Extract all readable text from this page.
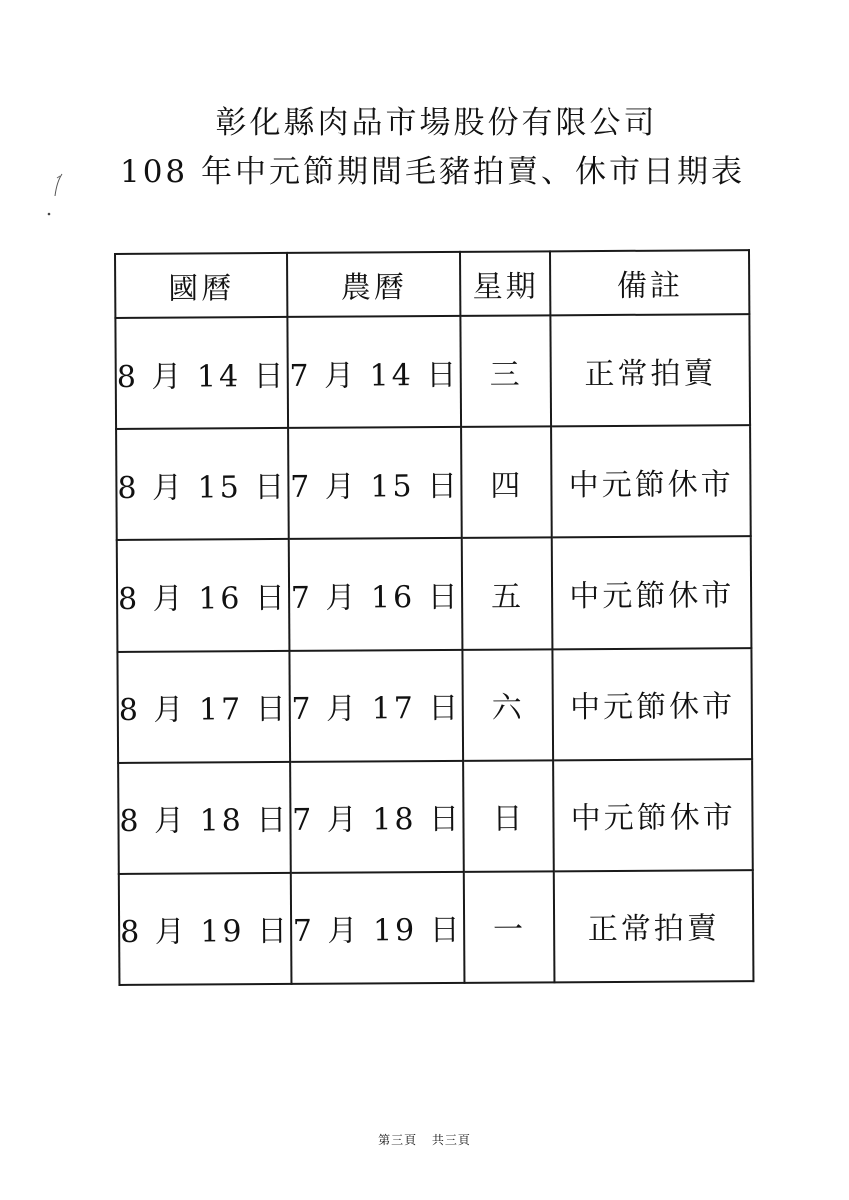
彰化縣肉品市場股份有限公司
108 年中元節期間毛豬拍賣、休市日期表
國曆	農曆	星期	備註
8 月 14 日	7 月 14 日	三	正常拍賣
8 月 15 日	7 月 15 日	四	中元節休市
8 月 16 日	7 月 16 日	五	中元節休市
8 月 17 日	7 月 17 日	六	中元節休市
8 月 18 日	7 月 18 日	日	中元節休市
8 月 19 日	7 月 19 日	一	正常拍賣
第三頁 共三頁
